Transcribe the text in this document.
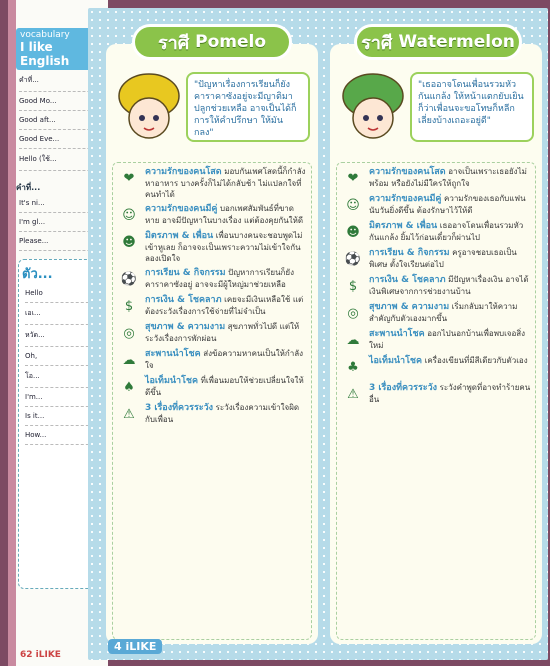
vocabulary
I like English
คำที่...
Good Mo...
Good aft...
Good Eve...
Hello (ใช้...
คำที่...
It's ni...
I'm gl...
Please...
ตัว...
Hello
เอเ...
หวัด...
Oh,
โอ...
I'm...
Is it...
How...
62 iLIKE
ราศี Pomelo
"ปัญหาเรื่องการเรียนก็ยังคาราคาซังอยู่จะมีญาติมาปลูกช่วยเหลือ อาจเป็นได้ก็การให้คำปรึกษา ให้มันกลง"
❤	ความรักของคนโสด มอบกันเพศโสดนี้ก็กำลังหาอาหาร บางครั้งก็ไม่ได้กลับช้า ไม่แปลกใจที่คนทำได้
☺	ความรักของคนมีคู่ บอกเพศสัมพันธ์ที่ขาดหาย อาจมีปัญหาในบางเรื่อง แต่ต้องคุยกันให้ดี
☻	มิตรภาพ & เพื่อน เพื่อนบางคนจะชอบพูดไม่เข้าหูเลย ก็อาจจะเป็นเพราะความไม่เข้าใจกัน ลองเปิดใจ
⚽ การเรียน & กิจกรรม ปัญหาการเรียนก็ยังคาราคาซังอยู่ อาจจะมีผู้ใหญ่มาช่วยเหลือ
$	การเงิน & โชคลาภ เคยจะมีเงินเหลือใช้ แต่ต้องระวังเรื่องการใช้จ่ายที่ไม่จำเป็น
◎	สุขภาพ & ความงาม สุขภาพทั่วไปดี แต่ให้ระวังเรื่องการพักผ่อน
☁	สะพานนำโชค ส่งข้อความหาคนเป็นให้กำลังใจ
♠	ไอเท็มนำโชค ที่เพื่อนมอบให้ช่วยเปลี่ยนใจให้ดีขึ้น
⚠	3 เรื่องที่ควรระวัง ระวังเรื่องความเข้าใจผิดกับเพื่อน
ราศี Watermelon
"เธออาจโดนเพื่อนรวมหัวกันแกล้ง ให้หน้าแตกยับเยิน ก็ว่าเพื่อนจะขอโทษก็หลีกเลี่ยงบ้างเถอะอยู่ดี"
❤	ความรักของคนโสด อาจเป็นเพราะเธอยังไม่พร้อม หรือยังไม่มีใครให้ถูกใจ
☺	ความรักของคนมีคู่ ความรักของเธอกับแฟนนับวันยิ่งดีขึ้น ต้องรักษาไว้ให้ดี
☻	มิตรภาพ & เพื่อน เธออาจโดนเพื่อนรวมหัวกันแกล้ง ยิ้มไว้ก่อนเดี๋ยวก็ผ่านไป
⚽ การเรียน & กิจกรรม ครูอาจชอบเธอเป็นพิเศษ ตั้งใจเรียนต่อไป
$	การเงิน & โชคลาภ มีปัญหาเรื่องเงิน อาจได้เงินพิเศษจากการช่วยงานบ้าน
◎	สุขภาพ & ความงาม เริ่มกลับมาให้ความสำคัญกับตัวเองมากขึ้น
☁	สะพานนำโชค ออกไปนอกบ้านเพื่อพบเจอสิ่งใหม่
♣	ไอเท็มนำโชค เครื่องเขียนที่มีสีเดียวกับตัวเอง
⚠	3 เรื่องที่ควรระวัง ระวังคำพูดที่อาจทำร้ายคนอื่น
4 iLIKE
